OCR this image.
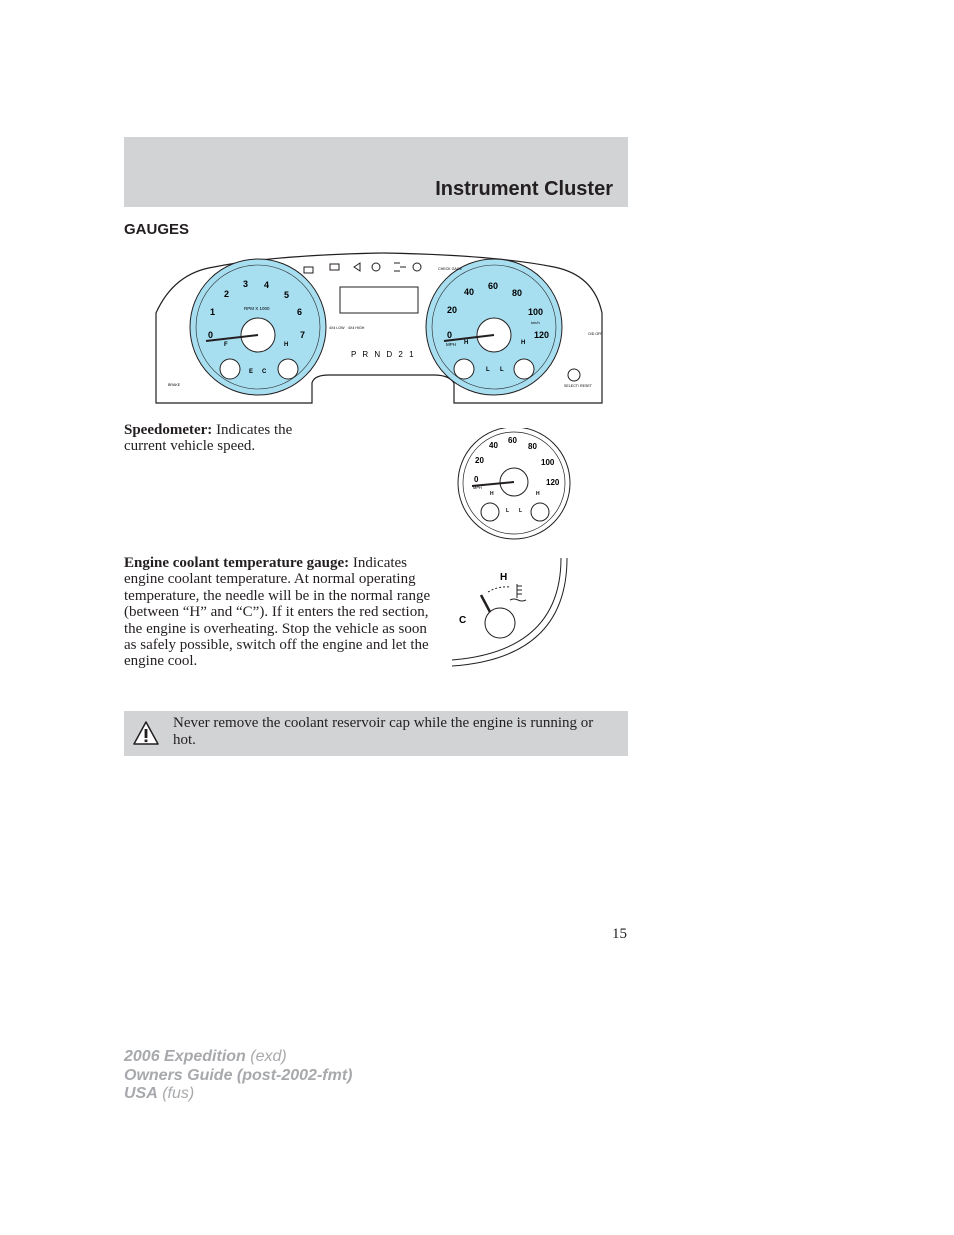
Instrument Cluster
GAUGES
0
1
2
3 4
5
6
7
RPM X 1000
F
E
H
C
0
20
40
60
80
100
120
MPH
km/h
H
L
H
L
P R N D 2 1
4X4 LOW 4X4 HIGH
CHECK GAGE
O/D OFF
SELECT/ RESET
BRAKE
Speedometer: Indicates the current vehicle speed.
0
20
40
60
80
100
120
MPH
H
L
H
L
Engine coolant temperature gauge: Indicates engine coolant temperature. At normal operating temperature, the needle will be in the normal range (between “H” and “C”). If it enters the red section, the engine is overheating. Stop the vehicle as soon as safely possible, switch off the engine and let the engine cool.
H
C
Never remove the coolant reservoir cap while the engine is running or hot.
15
2006 Expedition (exd)
Owners Guide (post-2002-fmt)
USA (fus)
